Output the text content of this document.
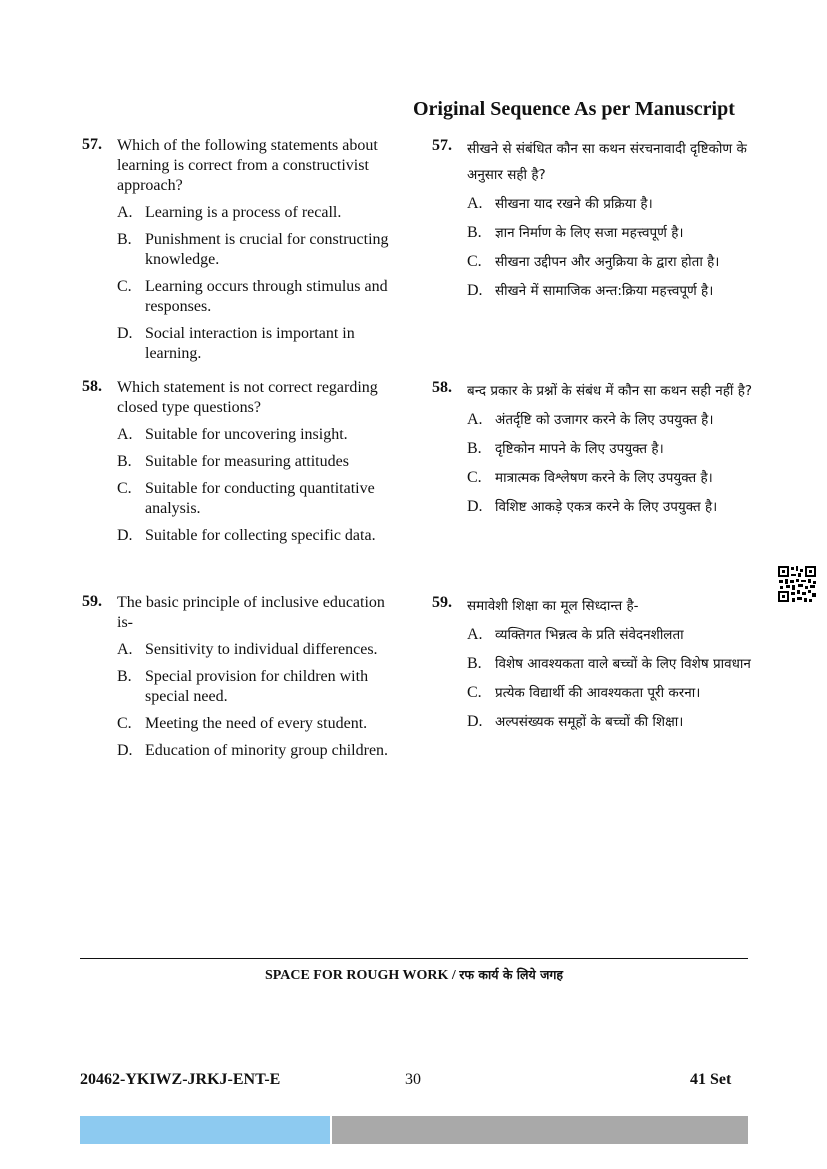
Original Sequence As per Manuscript
57. Which of the following statements about learning is correct from a constructivist approach?
A. Learning is a process of recall.
B. Punishment is crucial for constructing knowledge.
C. Learning occurs through stimulus and responses.
D. Social interaction is important in learning.
58. Which statement is not correct regarding closed type questions?
A. Suitable for uncovering insight.
B. Suitable for measuring attitudes
C. Suitable for conducting quantitative analysis.
D. Suitable for collecting specific data.
59. The basic principle of inclusive education is-
A. Sensitivity to individual differences.
B. Special provision for children with special need.
C. Meeting the need of every student.
D. Education of minority group children.
57.	सीखने से संबंधित कौन सा कथन संरचनावादी दृष्टिकोण के अनुसार सही है?
A. सीखना याद रखने की प्रक्रिया है।
B. ज्ञान निर्माण के लिए सजा महत्त्वपूर्ण है।
C. सीखना उद्दीपन और अनुक्रिया के द्वारा होता है।
D. सीखने में सामाजिक अन्त:क्रिया महत्त्वपूर्ण है।
58.	बन्द प्रकार के प्रश्नों के संबंध में कौन सा कथन सही नहीं है?
A. अंतर्दृष्टि को उजागर करने के लिए उपयुक्त है।
B. दृष्टिकोन मापने के लिए उपयुक्त है।
C. मात्रात्मक विश्लेषण करने के लिए उपयुक्त है।
D. विशिष्ट आकड़े एकत्र करने के लिए उपयुक्त है।
59.	समावेशी शिक्षा का मूल सिध्दान्त है-
A. व्यक्तिगत भिन्नत्व के प्रति संवेदनशीलता
B. विशेष आवश्यकता वाले बच्चों के लिए विशेष प्रावधान
C. प्रत्येक विद्यार्थी की आवश्यकता पूरी करना।
D. अल्पसंख्यक समूहों के बच्चों की शिक्षा।
SPACE FOR ROUGH WORK / रफ कार्य के लिये जगह
20462-YKIWZ-JRKJ-ENT-E	30	41 Set
